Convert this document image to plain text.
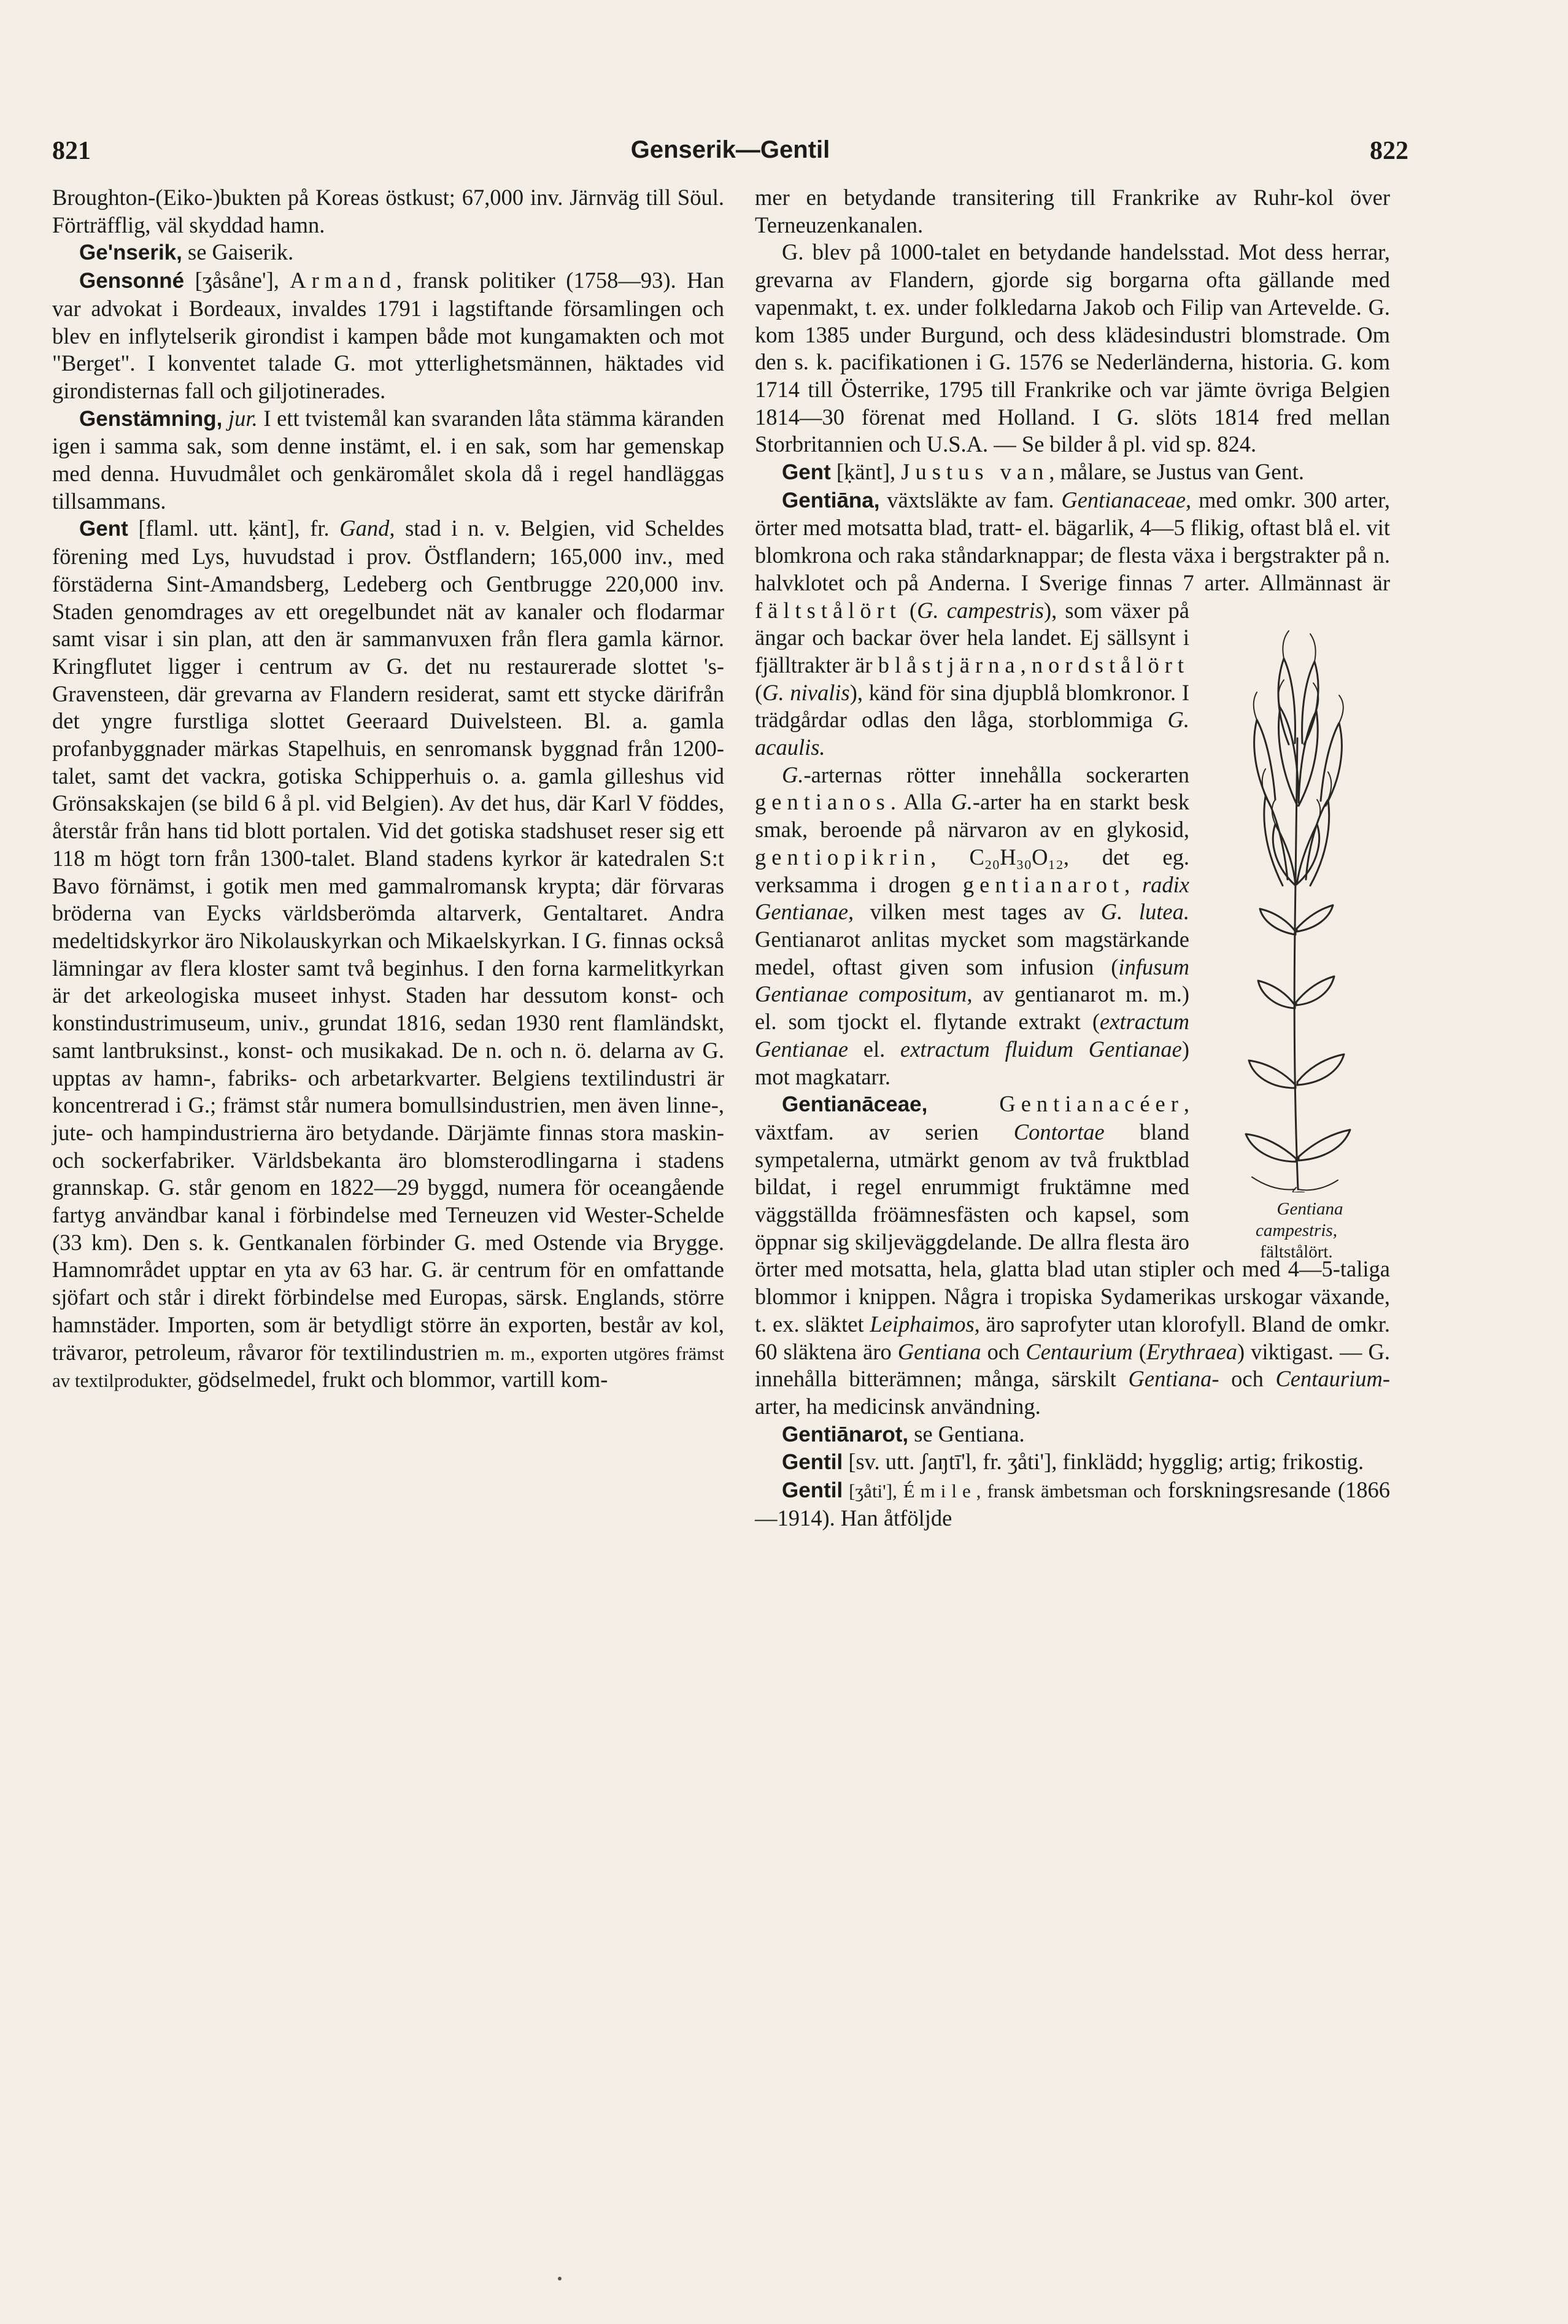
821	Genserik—Gentil	822

Broughton-(Eiko-)bukten på Koreas östkust; 67,000 inv. Järnväg till Söul. Förträfflig, väl skyddad hamn.

Ge'nserik, se Gaiserik.

Gensonné [ʒåsåne'], Armand, fransk politiker (1758—93). Han var advokat i Bordeaux, invaldes 1791 i lagstiftande församlingen och blev en inflytelserik girondist i kampen både mot kungamakten och mot "Berget". I konventet talade G. mot ytterlighetsmännen, häktades vid girondisternas fall och giljotinerades.

Genstämning, jur. I ett tvistemål kan svaranden låta stämma käranden igen i samma sak, som denne instämt, el. i en sak, som har gemenskap med denna. Huvudmålet och genkäromålet skola då i regel handläggas tillsammans.

Gent [flaml. utt. ḳänt], fr. Gand, stad i n. v. Belgien, vid Scheldes förening med Lys, huvudstad i prov. Östflandern; 165,000 inv., med förstäderna Sint-Amandsberg, Ledeberg och Gentbrugge 220,000 inv. Staden genomdrages av ett oregelbundet nät av kanaler och flodarmar samt visar i sin plan, att den är sammanvuxen från flera gamla kärnor. Kringflutet ligger i centrum av G. det nu restaurerade slottet 's-Gravensteen, där grevarna av Flandern residerat, samt ett stycke därifrån det yngre furstliga slottet Geeraard Duivelsteen. Bl. a. gamla profanbyggnader märkas Stapelhuis, en senromansk byggnad från 1200-talet, samt det vackra, gotiska Schipperhuis o. a. gamla gilleshus vid Grönsakskajen (se bild 6 å pl. vid Belgien). Av det hus, där Karl V föddes, återstår från hans tid blott portalen. Vid det gotiska stadshuset reser sig ett 118 m högt torn från 1300-talet. Bland stadens kyrkor är katedralen S:t Bavo förnämst, i gotik men med gammalromansk krypta; där förvaras bröderna van Eycks världsberömda altarverk, Gentaltaret. Andra medeltidskyrkor äro Nikolauskyrkan och Mikaelskyrkan. I G. finnas också lämningar av flera kloster samt två beginhus. I den forna karmelitkyrkan är det arkeologiska museet inhyst. Staden har dessutom konst- och konstindustrimuseum, univ., grundat 1816, sedan 1930 rent flamländskt, samt lantbruksinst., konst- och musikakad. De n. och n. ö. delarna av G. upptas av hamn-, fabriks- och arbetarkvarter. Belgiens textilindustri är koncentrerad i G.; främst står numera bomullsindustrien, men även linne-, jute- och hampindustrierna äro betydande. Därjämte finnas stora maskin- och sockerfabriker. Världsbekanta äro blomsterodlingarna i stadens grannskap. G. står genom en 1822—29 byggd, numera för oceangående fartyg användbar kanal i förbindelse med Terneuzen vid Wester-Schelde (33 km). Den s. k. Gentkanalen förbinder G. med Ostende via Brygge. Hamnområdet upptar en yta av 63 har. G. är centrum för en omfattande sjöfart och står i direkt förbindelse med Europas, särsk. Englands, större hamnstäder. Importen, som är betydligt större än exporten, består av kol, trävaror, petroleum, råvaror för textilindustrien m. m., exporten utgöres främst av textilprodukter, gödselmedel, frukt och blommor, vartill kom-

mer en betydande transitering till Frankrike av Ruhr-kol över Terneuzenkanalen.

G. blev på 1000-talet en betydande handelsstad. Mot dess herrar, grevarna av Flandern, gjorde sig borgarna ofta gällande med vapenmakt, t. ex. under folkledarna Jakob och Filip van Artevelde. G. kom 1385 under Burgund, och dess klädesindustri blomstrade. Om den s. k. pacifikationen i G. 1576 se Nederländerna, historia. G. kom 1714 till Österrike, 1795 till Frankrike och var jämte övriga Belgien 1814—30 förenat med Holland. I G. slöts 1814 fred mellan Storbritannien och U.S.A. — Se bilder å pl. vid sp. 824.

Gent [ḳänt], Justus van, målare, se Justus van Gent.

Gentiāna, växtsläkte av fam. Gentianaceae, med omkr. 300 arter, örter med motsatta blad, tratt- el. bägarlik, 4—5 flikig, oftast blå el. vit blomkrona och raka ståndarknappar; de flesta växa i bergstrakter på n. halvklotet och på Anderna. I Sverige finnas 7 arter. Allmännast är
Gentiana
campestris,
fältstålört.
fältstålört (G. campestris), som växer på ängar och backar över hela landet. Ej sällsynt i fjälltrakter är blåstjärna, nordstålört (G. nivalis), känd för sina djupblå blomkronor. I trädgårdar odlas den låga, storblommiga G. acaulis.

G.-arternas rötter innehålla sockerarten gentianos. Alla G.-arter ha en starkt besk smak, beroende på närvaron av en glykosid, gentiopikrin, C₂₀H₃₀O₁₂, det eg. verksamma i drogen gentianarot, radix Gentianae, vilken mest tages av G. lutea. Gentianarot anlitas mycket som magstärkande medel, oftast given som infusion (infusum Gentianae compositum, av gentianarot m. m.) el. som tjockt el. flytande extrakt (extractum Gentianae el. extractum fluidum Gentianae) mot magkatarr.

Gentianāceae,	Gentianacéer, växtfam. av serien Contortae bland sympetalerna, utmärkt genom av två fruktblad bildat, i regel enrummigt fruktämne med väggställda fröämnesfästen och kapsel, som öppnar sig skiljeväggdelande. De allra flesta äro örter med motsatta, hela, glatta blad utan stipler och med 4—5-taliga blommor i knippen. Några i tropiska Sydamerikas urskogar växande, t. ex. släktet Leiphaimos, äro saprofyter utan klorofyll. Bland de omkr. 60 släktena äro Gentiana och Centaurium (Erythraea) viktigast. — G. innehålla bitterämnen; många, särskilt Gentiana- och Centaurium-arter, ha medicinsk användning.

Gentiānarot, se Gentiana.

Gentil [sv. utt. ʃaŋtī'l, fr. ʒåti'], finklädd; hygglig; artig; frikostig.

Gentil [ʒåti'], Émile, fransk ämbetsman och forskningsresande (1866—1914). Han åtföljde
